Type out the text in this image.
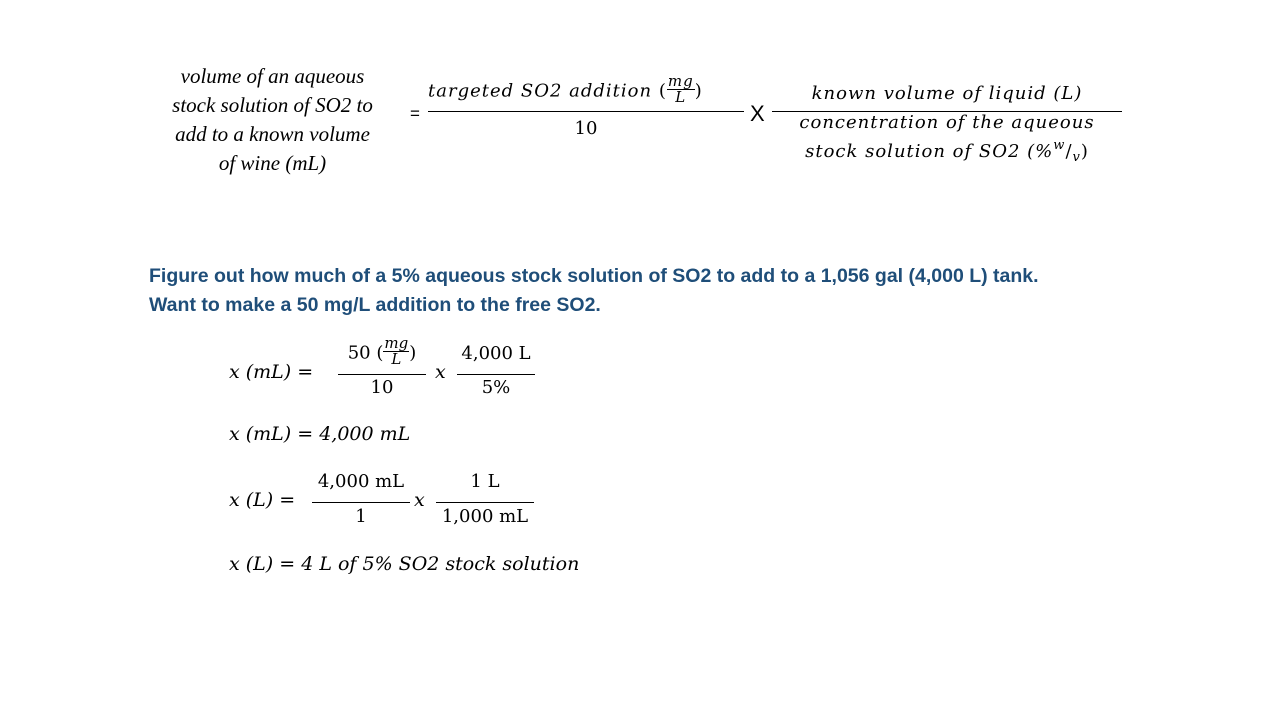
volume of an aqueous
stock solution of SO2 to
add to a known volume
of wine (mL)
=
targeted SO2 addition ( $\frac{mg}{L}$ )
10
X
known volume of liquid (L)
concentration of the aqueous
stock solution of SO2 $(\%^w/_v)$
Figure out how much of a 5% aqueous stock solution of SO2 to add to a 1,056 gal (4,000 L) tank.
Want to make a 50 mg/L addition to the free SO2.
x (mL) =
50 ( $\frac{mg}{L}$ )
10
x
4,000 L
5%
x (mL) = 4,000 mL
x (L) =
4,000 mL
1
x
1 L
1,000 mL
x (L) = 4 L of 5% SO2 stock solution
